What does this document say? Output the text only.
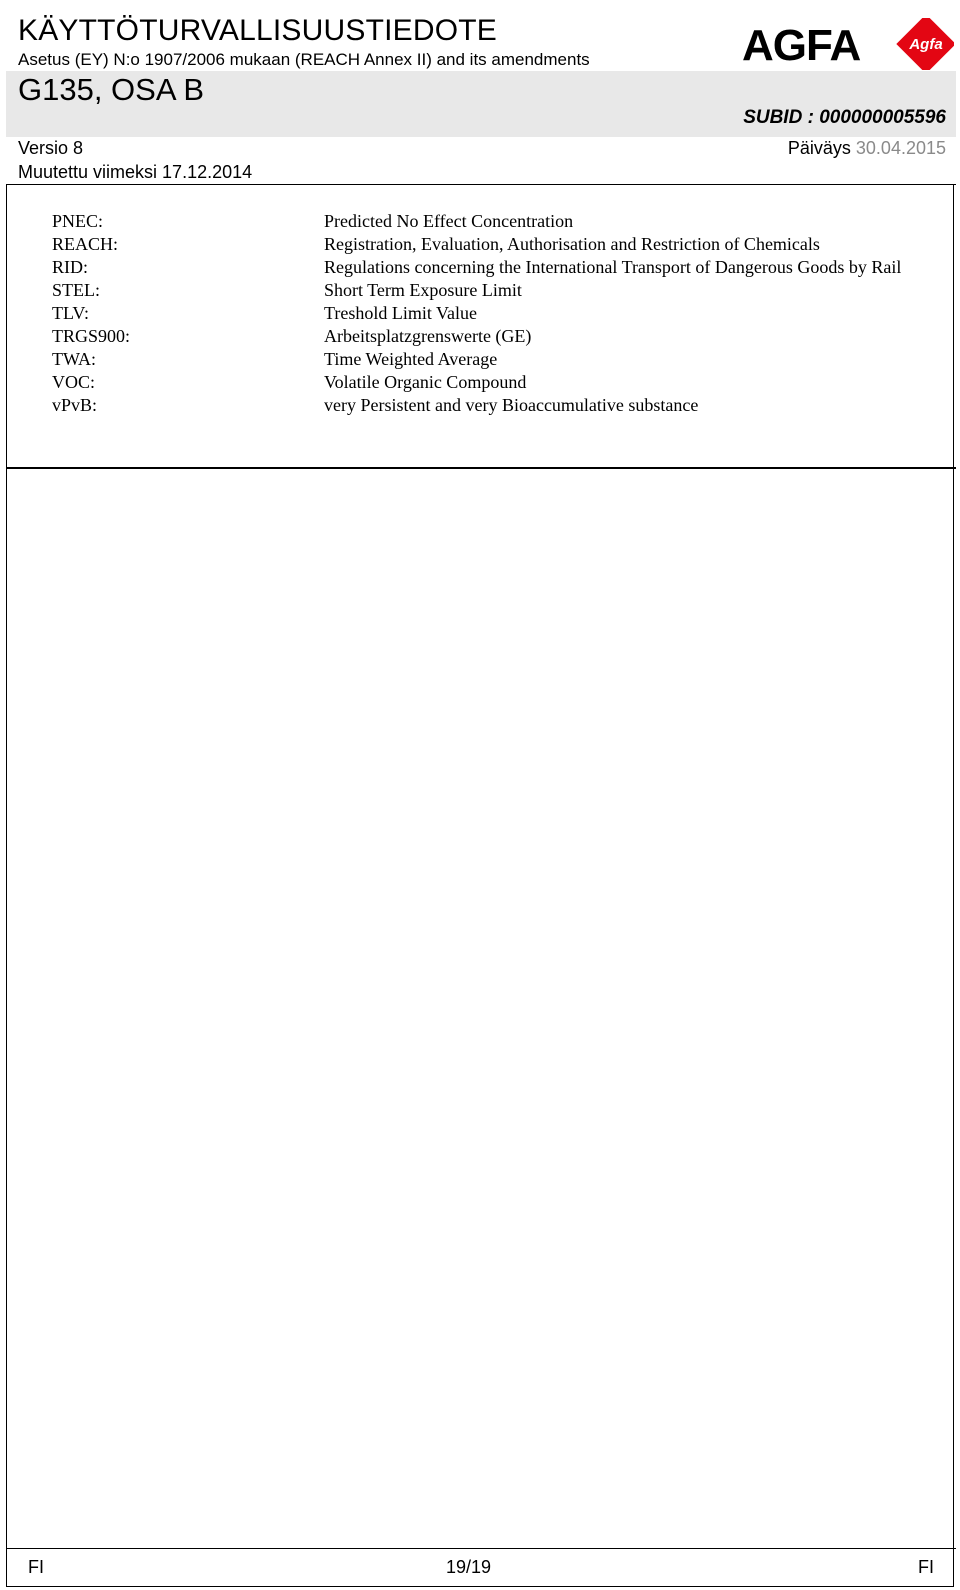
KÄYTTÖTURVALLISUUSTIEDOTE
Asetus (EY) N:o 1907/2006 mukaan (REACH Annex II) and its amendments
G135, OSA B
SUBID : 000000005596
Versio 8
Muutettu viimeksi 17.12.2014
Päiväys 30.04.2015
AGFA	Agfa
PNEC:	Predicted No Effect Concentration
REACH:	Registration, Evaluation, Authorisation and Restriction of Chemicals
RID:	Regulations concerning the International Transport of Dangerous Goods by Rail
STEL:	Short Term Exposure Limit
TLV:	Treshold Limit Value
TRGS900:	Arbeitsplatzgrenswerte (GE)
TWA:	Time Weighted Average
VOC:	Volatile Organic Compound
vPvB:	very Persistent and very Bioaccumulative substance
FI	19/19	FI
